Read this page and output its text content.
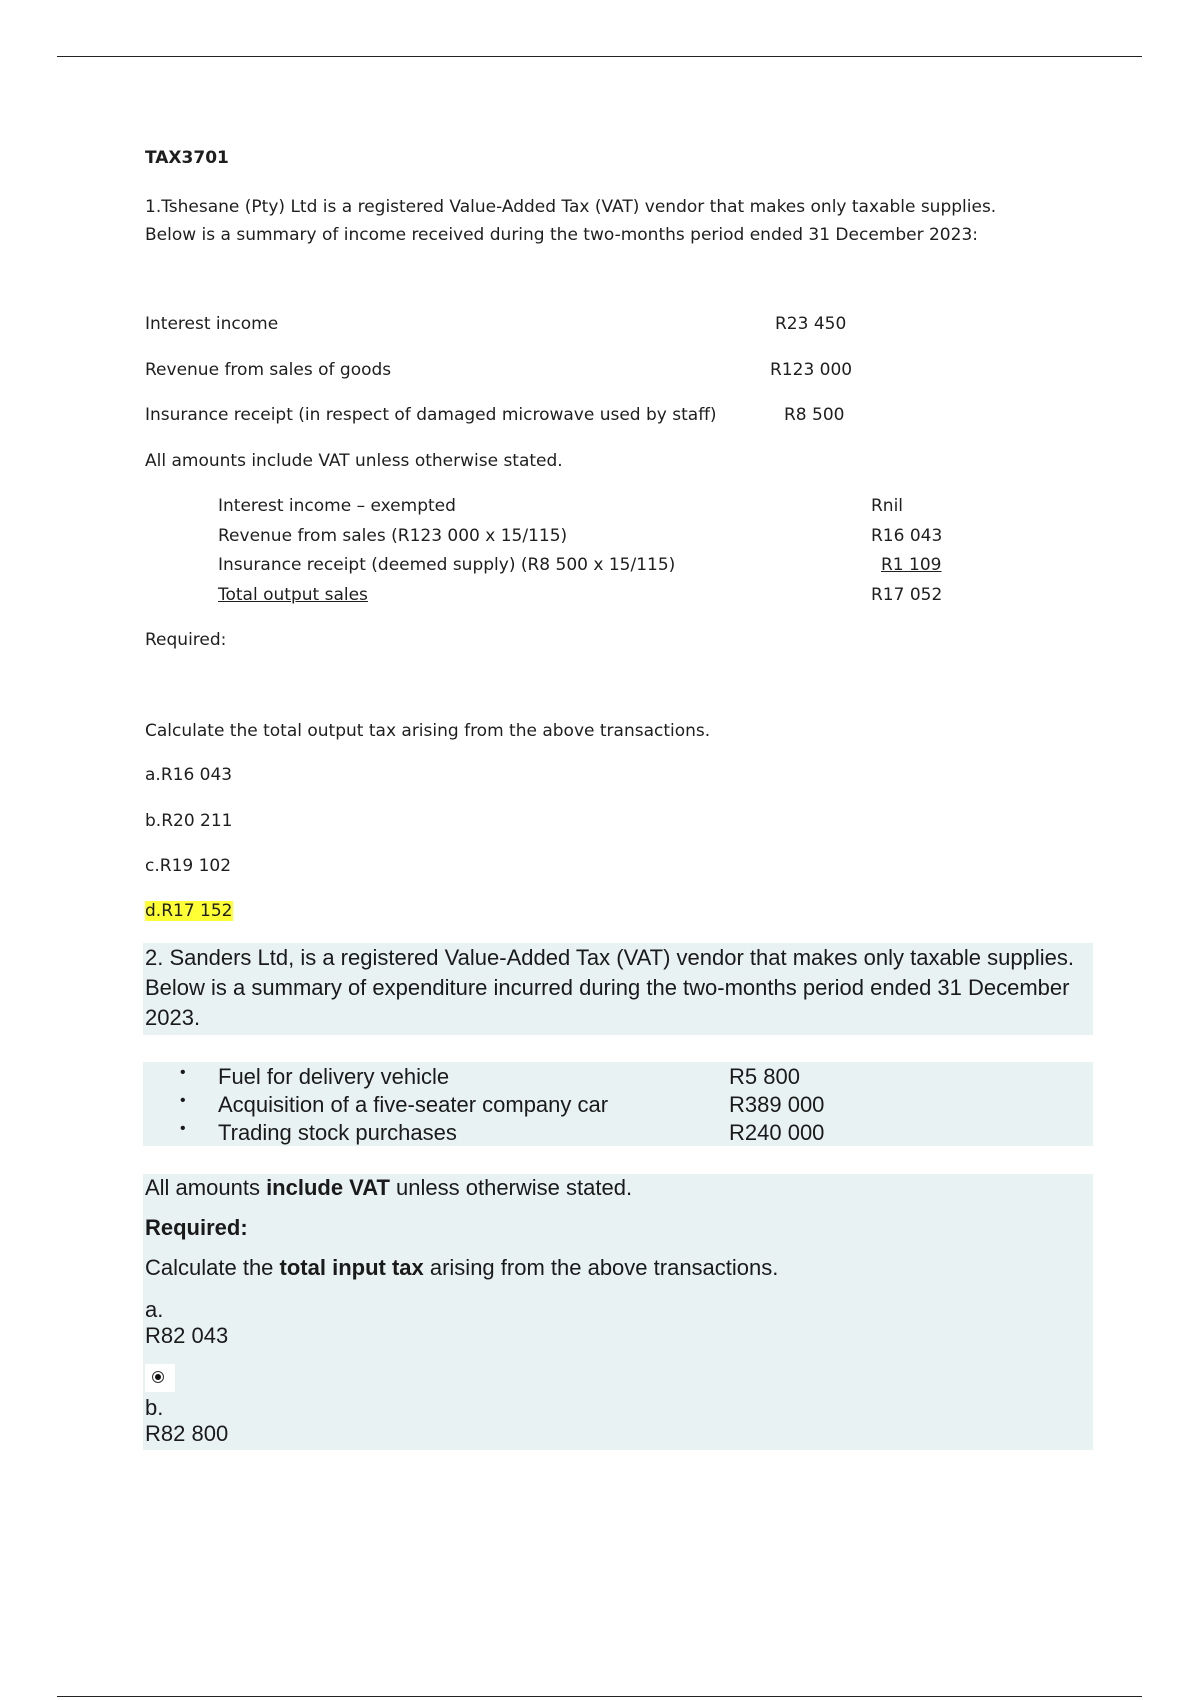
TAX3701
1.Tshesane (Pty) Ltd is a registered Value-Added Tax (VAT) vendor that makes only taxable supplies.
Below is a summary of income received during the two-months period ended 31 December 2023:
Interest income	R23 450
Revenue from sales of goods	R123 000
Insurance receipt (in respect of damaged microwave used by staff)	R8 500
All amounts include VAT unless otherwise stated.
Interest income – exempted	Rnil
Revenue from sales (R123 000 x 15/115)	R16 043
Insurance receipt (deemed supply) (R8 500 x 15/115)	R1 109
Total output sales	R17 052
Required:
Calculate the total output tax arising from the above transactions.
a.R16 043
b.R20 211
c.R19 102
d.R17 152
2. Sanders Ltd, is a registered Value-Added Tax (VAT) vendor that makes only taxable supplies. Below is a summary of expenditure incurred during the two-months period ended 31 December 2023.
• Fuel for delivery vehicle	R5 800
• Acquisition of a five-seater company car	R389 000
• Trading stock purchases	R240 000
All amounts include VAT unless otherwise stated.
Required:
Calculate the total input tax arising from the above transactions.
a.
R82 043
b.
R82 800
